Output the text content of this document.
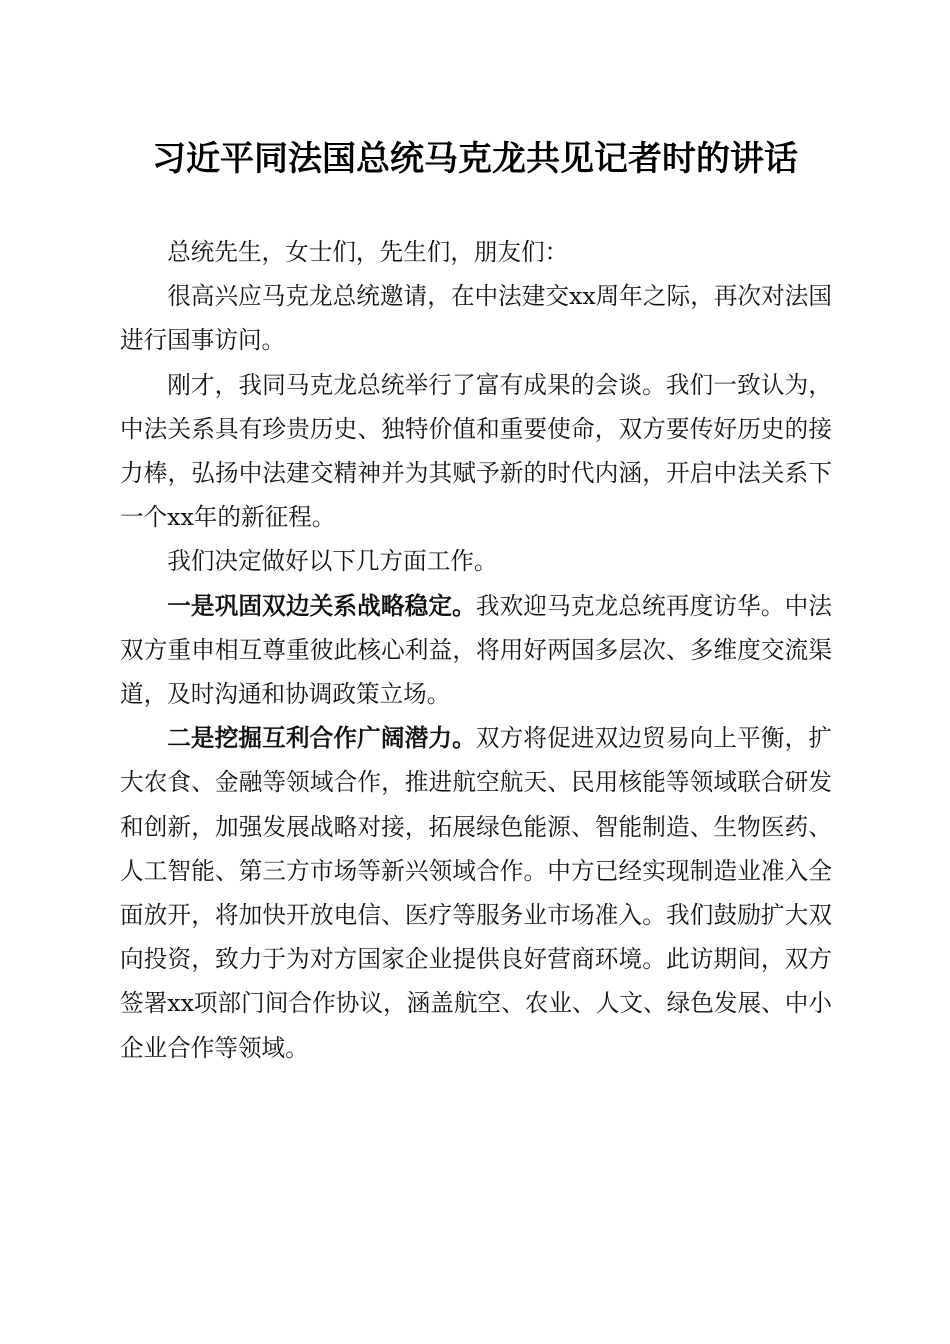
习近平同法国总统马克龙共见记者时的讲话

总统先生，女士们，先生们，朋友们：

很高兴应马克龙总统邀请，在中法建交xx周年之际，再次对法国进行国事访问。

刚才，我同马克龙总统举行了富有成果的会谈。我们一致认为，中法关系具有珍贵历史、独特价值和重要使命，双方要传好历史的接力棒，弘扬中法建交精神并为其赋予新的时代内涵，开启中法关系下一个xx年的新征程。

我们决定做好以下几方面工作。

一是巩固双边关系战略稳定。我欢迎马克龙总统再度访华。中法双方重申相互尊重彼此核心利益，将用好两国多层次、多维度交流渠道，及时沟通和协调政策立场。

二是挖掘互利合作广阔潜力。双方将促进双边贸易向上平衡，扩大农食、金融等领域合作，推进航空航天、民用核能等领域联合研发和创新，加强发展战略对接，拓展绿色能源、智能制造、生物医药、人工智能、第三方市场等新兴领域合作。中方已经实现制造业准入全面放开，将加快开放电信、医疗等服务业市场准入。我们鼓励扩大双向投资，致力于为对方国家企业提供良好营商环境。此访期间，双方签署xx项部门间合作协议，涵盖航空、农业、人文、绿色发展、中小企业合作等领域。
